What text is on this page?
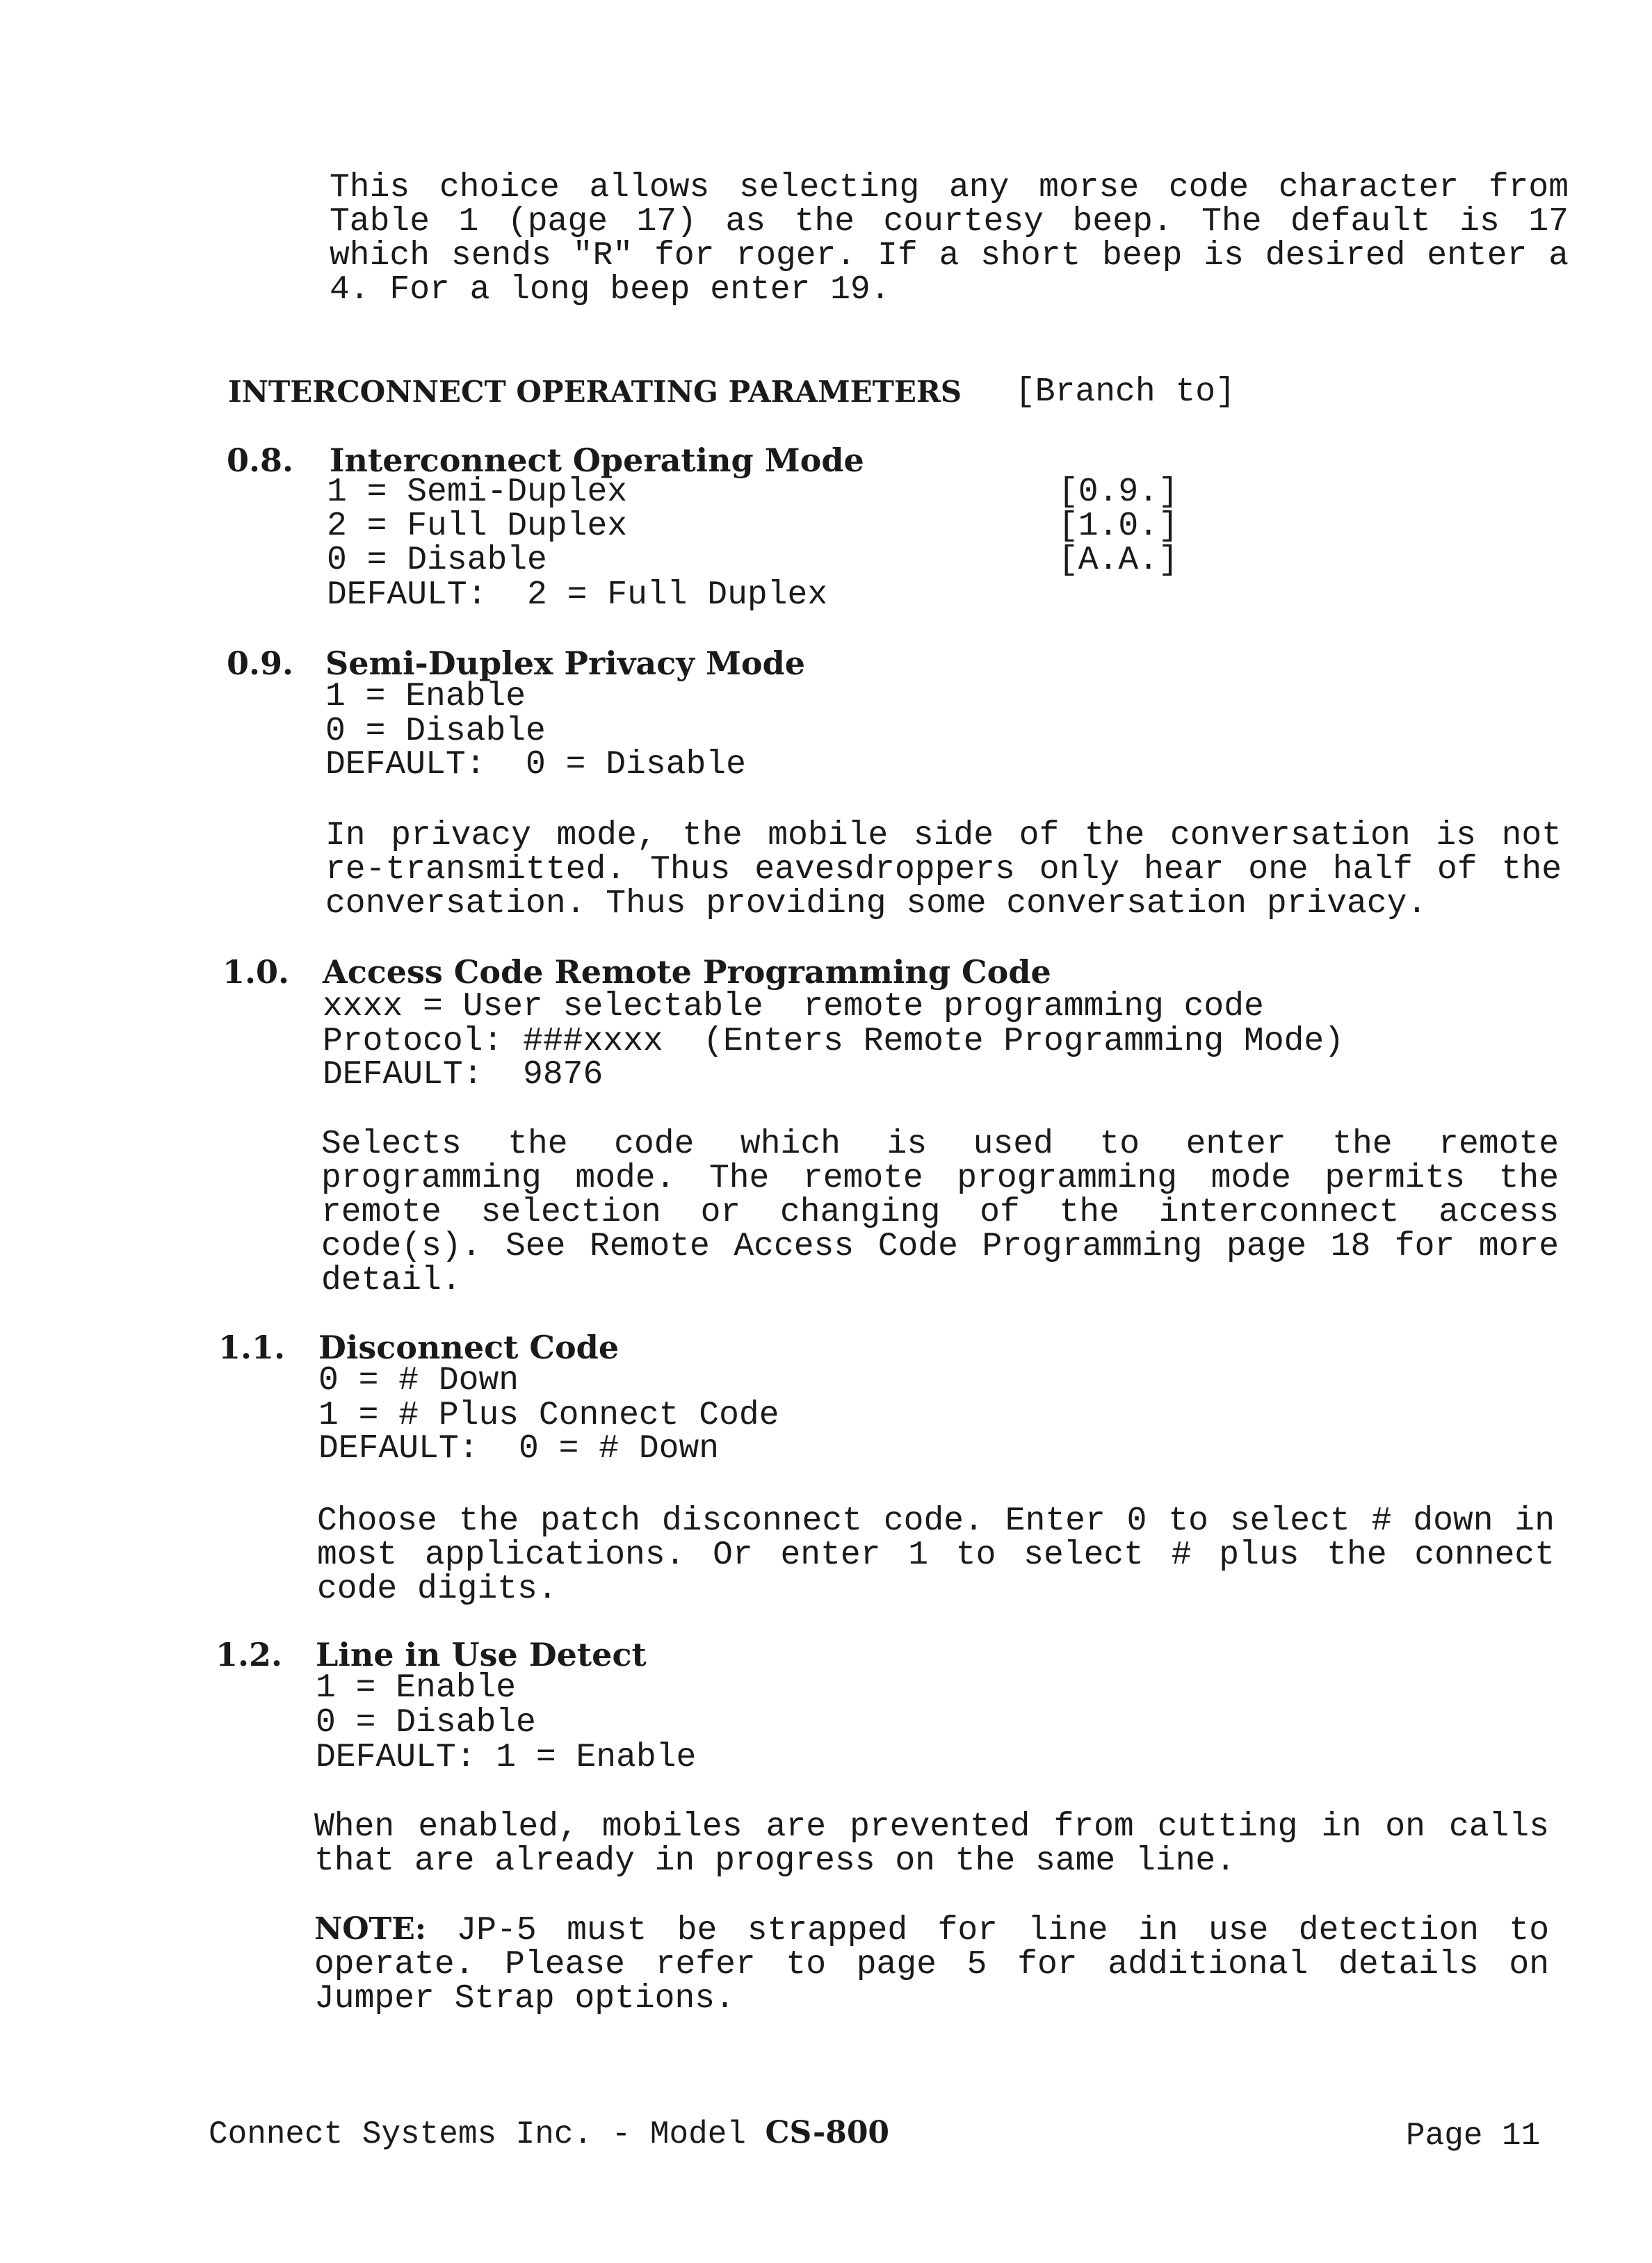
This choice allows selecting any morse code character from Table 1 (page 17) as the courtesy beep. The default is 17 which sends "R" for roger. If a short beep is desired enter a 4. For a long beep enter 19.
INTERCONNECT OPERATING PARAMETERS [Branch to]
0.8. Interconnect Operating Mode
1 = Semi-Duplex	[0.9.]
2 = Full Duplex	[1.0.]
0 = Disable	[A.A.]
DEFAULT:  2 = Full Duplex
0.9. Semi-Duplex Privacy Mode
1 = Enable
0 = Disable
DEFAULT:  0 = Disable
In privacy mode, the mobile side of the conversation is not re-transmitted. Thus eavesdroppers only hear one half of the conversation. Thus providing some conversation privacy.
1.0. Access Code Remote Programming Code
xxxx = User selectable  remote programming code
Protocol: ###xxxx  (Enters Remote Programming Mode)
DEFAULT:  9876
Selects the code which is used to enter the remote programming mode. The remote programming mode permits the remote selection or changing of the interconnect access code(s). See Remote Access Code Programming page 18 for more detail.
1.1. Disconnect Code
0 = # Down
1 = # Plus Connect Code
DEFAULT:  0 = # Down
Choose the patch disconnect code. Enter 0 to select # down in most applications. Or enter 1 to select # plus the connect code digits.
1.2. Line in Use Detect
1 = Enable
0 = Disable
DEFAULT: 1 = Enable
When enabled, mobiles are prevented from cutting in on calls that are already in progress on the same line.
NOTE: JP-5 must be strapped for line in use detection to operate. Please refer to page 5 for additional details on Jumper Strap options.
Connect Systems Inc. - Model CS-800	Page 11
